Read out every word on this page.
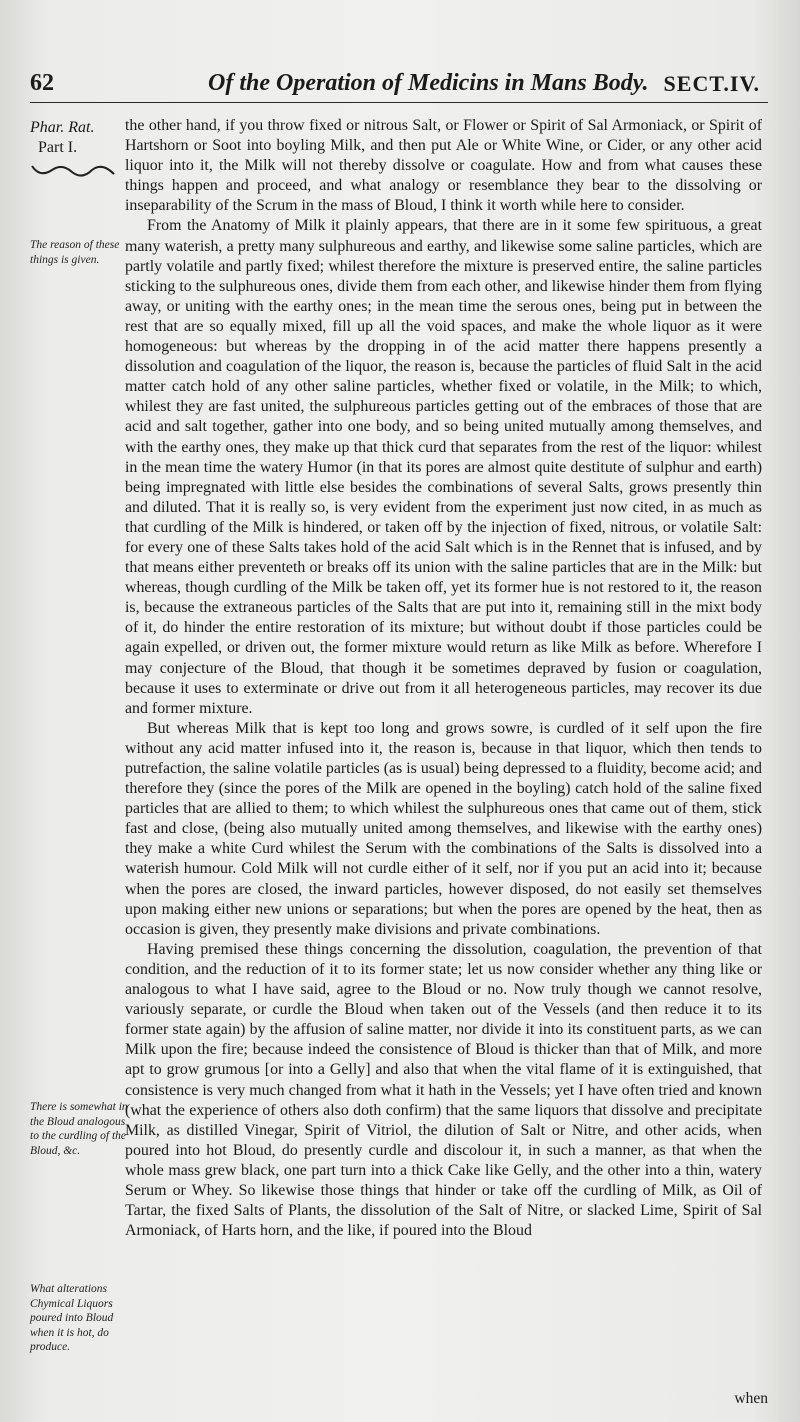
62	Of the Operation of Medicins in Mans Body. SECT.IV.
Phar. Rat.
Part I.
The reason of these things is given.
There is somewhat in the Bloud analogous to the curdling of the Bloud, &c.
What alterations Chymical Liquors poured into Bloud when it is hot, do produce.

the other hand, if you throw fixed or nitrous Salt, or Flower or Spirit of Sal Armoniack, or Spirit of Hartshorn or Soot into boyling Milk, and then put Ale or White Wine, or Cider, or any other acid liquor into it, the Milk will not thereby dissolve or coagulate. How and from what causes these things happen and proceed, and what analogy or resemblance they bear to the dissolving or inseparability of the Scrum in the mass of Bloud, I think it worth while here to consider.

From the Anatomy of Milk it plainly appears, that there are in it some few spirituous, a great many waterish, a pretty many sulphureous and earthy, and likewise some saline particles, which are partly volatile and partly fixed; whilest therefore the mixture is preserved entire, the saline particles sticking to the sulphureous ones, divide them from each other, and likewise hinder them from flying away, or uniting with the earthy ones; in the mean time the serous ones, being put in between the rest that are so equally mixed, fill up all the void spaces, and make the whole liquor as it were homogeneous: but whereas by the dropping in of the acid matter there happens presently a dissolution and coagulation of the liquor, the reason is, because the particles of fluid Salt in the acid matter catch hold of any other saline particles, whether fixed or volatile, in the Milk; to which, whilest they are fast united, the sulphureous particles getting out of the embraces of those that are acid and salt together, gather into one body, and so being united mutually among themselves, and with the earthy ones, they make up that thick curd that separates from the rest of the liquor: whilest in the mean time the watery Humor (in that its pores are almost quite destitute of sulphur and earth) being impregnated with little else besides the combinations of several Salts, grows presently thin and diluted. That it is really so, is very evident from the experiment just now cited, in as much as that curdling of the Milk is hindered, or taken off by the injection of fixed, nitrous, or volatile Salt: for every one of these Salts takes hold of the acid Salt which is in the Rennet that is infused, and by that means either preventeth or breaks off its union with the saline particles that are in the Milk: but whereas, though curdling of the Milk be taken off, yet its former hue is not restored to it, the reason is, because the extraneous particles of the Salts that are put into it, remaining still in the mixt body of it, do hinder the entire restoration of its mixture; but without doubt if those particles could be again expelled, or driven out, the former mixture would return as like Milk as before. Wherefore I may conjecture of the Bloud, that though it be sometimes depraved by fusion or coagulation, because it uses to exterminate or drive out from it all heterogeneous particles, may recover its due and former mixture.

But whereas Milk that is kept too long and grows sowre, is curdled of it self upon the fire without any acid matter infused into it, the reason is, because in that liquor, which then tends to putrefaction, the saline volatile particles (as is usual) being depressed to a fluidity, become acid; and therefore they (since the pores of the Milk are opened in the boyling) catch hold of the saline fixed particles that are allied to them; to which whilest the sulphureous ones that came out of them, stick fast and close, (being also mutually united among themselves, and likewise with the earthy ones) they make a white Curd whilest the Serum with the combinations of the Salts is dissolved into a waterish humour. Cold Milk will not curdle either of it self, nor if you put an acid into it; because when the pores are closed, the inward particles, however disposed, do not easily set themselves upon making either new unions or separations; but when the pores are opened by the heat, then as occasion is given, they presently make divisions and private combinations.

Having premised these things concerning the dissolution, coagulation, the prevention of that condition, and the reduction of it to its former state; let us now consider whether any thing like or analogous to what I have said, agree to the Bloud or no. Now truly though we cannot resolve, variously separate, or curdle the Bloud when taken out of the Vessels (and then reduce it to its former state again) by the affusion of saline matter, nor divide it into its constituent parts, as we can Milk upon the fire; because indeed the consistence of Bloud is thicker than that of Milk, and more apt to grow grumous [or into a Gelly] and also that when the vital flame of it is extinguished, that consistence is very much changed from what it hath in the Vessels; yet I have often tried and known (what the experience of others also doth confirm) that the same liquors that dissolve and precipitate Milk, as distilled Vinegar, Spirit of Vitriol, the dilution of Salt or Nitre, and other acids, when poured into hot Bloud, do presently curdle and discolour it, in such a manner, as that when the whole mass grew black, one part turn into a thick Cake like Gelly, and the other into a thin, watery Serum or Whey. So likewise those things that hinder or take off the curdling of Milk, as Oil of Tartar, the fixed Salts of Plants, the dissolution of the Salt of Nitre, or slacked Lime, Spirit of Sal Armoniack, of Harts horn, and the like, if poured into the Bloud

when
